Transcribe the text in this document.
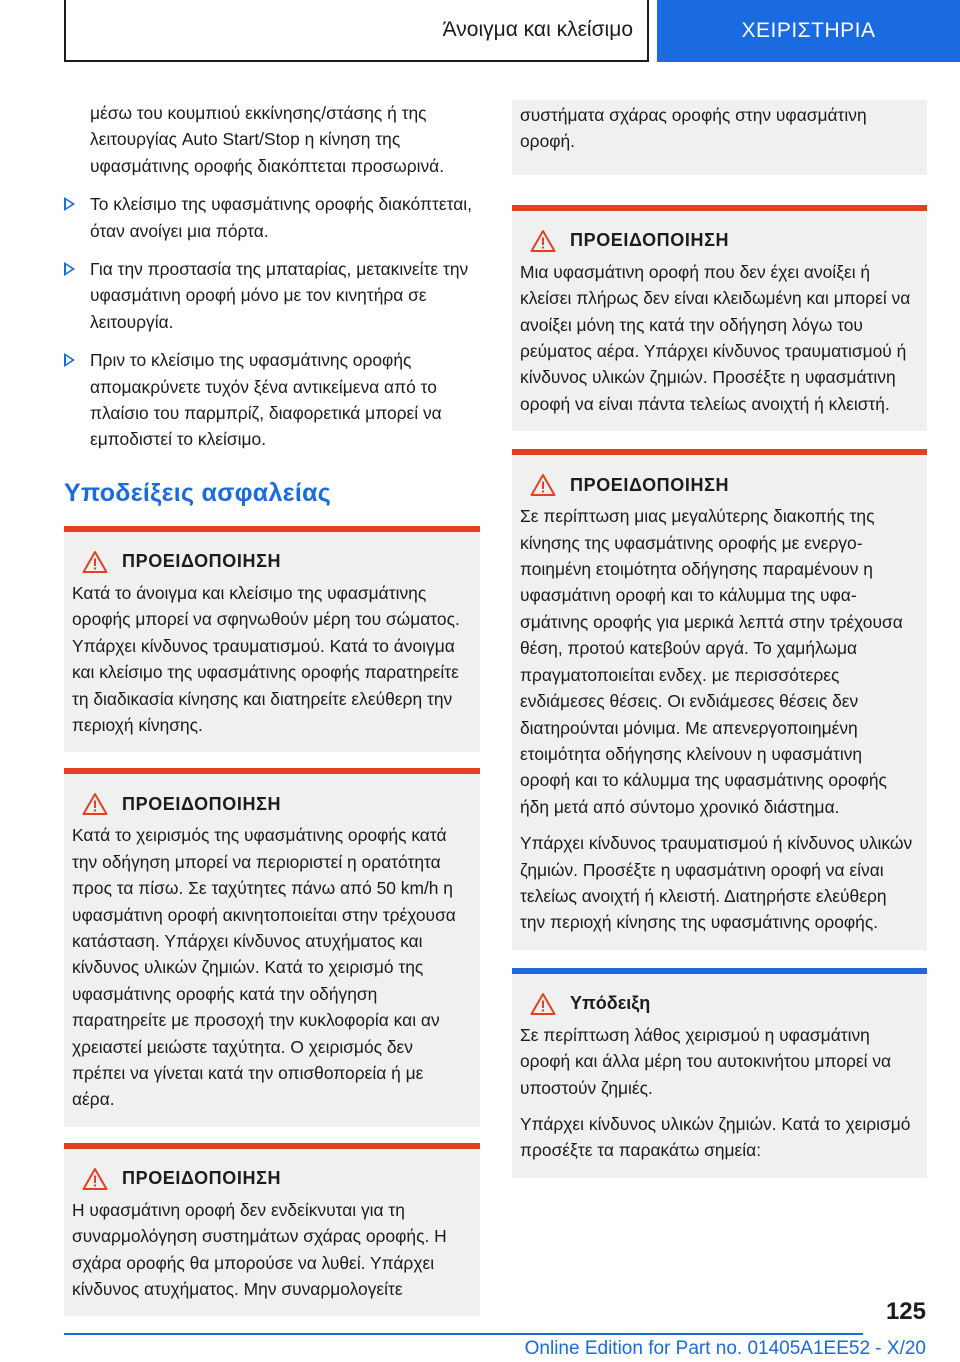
Άνοιγμα και κλείσιμο	ΧΕΙΡΙΣΤΗΡΙΑ

μέσω του κουμπιού εκκίνησης/στάσης ή της λειτουργίας Auto Start/Stop η κίνηση της υφασμάτινης οροφής διακόπτεται προσωρινά.

Το κλείσιμο της υφασμάτινης οροφής διακόπτεται, όταν ανοίγει μια πόρτα.
Για την προστασία της μπαταρίας, μετακινείτε την υφασμάτινη οροφή μόνο με τον κινητήρα σε λειτουργία.
Πριν το κλείσιμο της υφασμάτινης οροφής απομακρύνετε τυχόν ξένα αντικείμενα από το πλαίσιο του παρμπρίζ, διαφορετικά μπορεί να εμποδιστεί το κλείσιμο.
Υποδείξεις ασφαλείας
ΠΡΟΕΙΔΟΠΟΙΗΣΗ

Κατά το άνοιγμα και κλείσιμο της υφασμάτινης οροφής μπορεί να σφηνωθούν μέρη του σώματος. Υπάρχει κίνδυνος τραυματισμού. Κατά το άνοιγμα και κλείσιμο της υφασμάτινης οροφής παρατηρείτε τη διαδικασία κίνησης και διατηρείτε ελεύθερη την περιοχή κίνησης.

ΠΡΟΕΙΔΟΠΟΙΗΣΗ

Κατά το χειρισμός της υφασμάτινης οροφής κατά την οδήγηση μπορεί να περιοριστεί η ορατότητα προς τα πίσω. Σε ταχύτητες πάνω από 50 km/h η υφασμάτινη οροφή ακινητοποιείται στην τρέχουσα κατάσταση. Υπάρχει κίνδυνος ατυχήματος και κίνδυνος υλικών ζημιών. Κατά το χειρισμό της υφασμάτινης οροφής κατά την οδήγηση παρατηρείτε με προσοχή την κυκλοφορία και αν χρειαστεί μειώστε ταχύτητα. Ο χειρισμός δεν πρέπει να γίνεται κατά την οπισθοπορεία ή με αέρα.

ΠΡΟΕΙΔΟΠΟΙΗΣΗ

Η υφασμάτινη οροφή δεν ενδείκνυται για τη συναρμολόγηση συστημάτων σχάρας οροφής. Η σχάρα οροφής θα μπορούσε να λυθεί. Υπάρχει κίνδυνος ατυχήματος. Μην συναρμολογείτε

συστήματα σχάρας οροφής στην υφασμάτινη οροφή.

ΠΡΟΕΙΔΟΠΟΙΗΣΗ

Μια υφασμάτινη οροφή που δεν έχει ανοίξει ή κλείσει πλήρως δεν είναι κλειδωμένη και μπορεί να ανοίξει μόνη της κατά την οδήγηση λόγω του ρεύματος αέρα. Υπάρχει κίνδυνος τραυματισμού ή κίνδυνος υλικών ζημιών. Προσέξτε η υφασμάτινη οροφή να είναι πάντα τελείως ανοιχτή ή κλειστή.

ΠΡΟΕΙΔΟΠΟΙΗΣΗ

Σε περίπτωση μιας μεγαλύτερης διακοπής της κίνησης της υφασμάτινης οροφής με ενεργοποιημένη ετοιμότητα οδήγησης παραμένουν η υφασμάτινη οροφή και το κάλυμμα της υφασμάτινης οροφής για μερικά λεπτά στην τρέχουσα θέση, προτού κατεβούν αργά. Το χαμήλωμα πραγματοποιείται ενδεχ. με περισσότερες ενδιάμεσες θέσεις. Οι ενδιάμεσες θέσεις δεν διατηρούνται μόνιμα. Με απενεργοποιημένη ετοιμότητα οδήγησης κλείνουν η υφασμάτινη οροφή και το κάλυμμα της υφασμάτινης οροφής ήδη μετά από σύντομο χρονικό διάστημα.

Υπάρχει κίνδυνος τραυματισμού ή κίνδυνος υλικών ζημιών. Προσέξτε η υφασμάτινη οροφή να είναι τελείως ανοιχτή ή κλειστή. Διατηρήστε ελεύθερη την περιοχή κίνησης της υφασμάτινης οροφής.

Υπόδειξη

Σε περίπτωση λάθος χειρισμού η υφασμάτινη οροφή και άλλα μέρη του αυτοκινήτου μπορεί να υποστούν ζημιές.

Υπάρχει κίνδυνος υλικών ζημιών. Κατά το χειρισμό προσέξτε τα παρακάτω σημεία:

125
Online Edition for Part no. 01405A1EE52 - X/20
